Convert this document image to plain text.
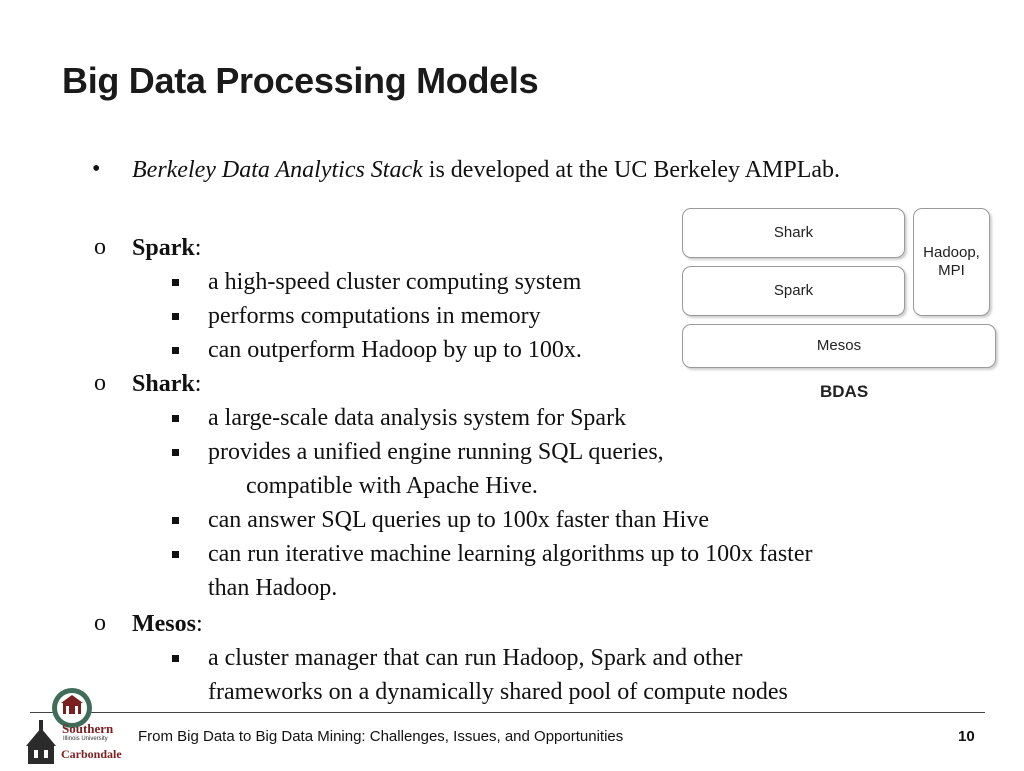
Big Data Processing Models
• Berkeley Data Analytics Stack is developed at the UC Berkeley AMPLab.
o Spark:
a high-speed cluster computing system
performs computations in memory
can outperform Hadoop by up to 100x.
o Shark:
a large-scale data analysis system for Spark
provides a unified engine running SQL queries,
compatible with Apache Hive.
can answer SQL queries up to 100x faster than Hive
can run iterative machine learning algorithms up to 100x faster
than Hadoop.
o Mesos:
a cluster manager that can run Hadoop, Spark and other
frameworks on a dynamically shared pool of compute nodes
Shark
Spark
Hadoop,
MPI
Mesos
BDAS
Southern
Illinois University
Carbondale
From Big Data to Big Data Mining: Challenges, Issues, and Opportunities	10
